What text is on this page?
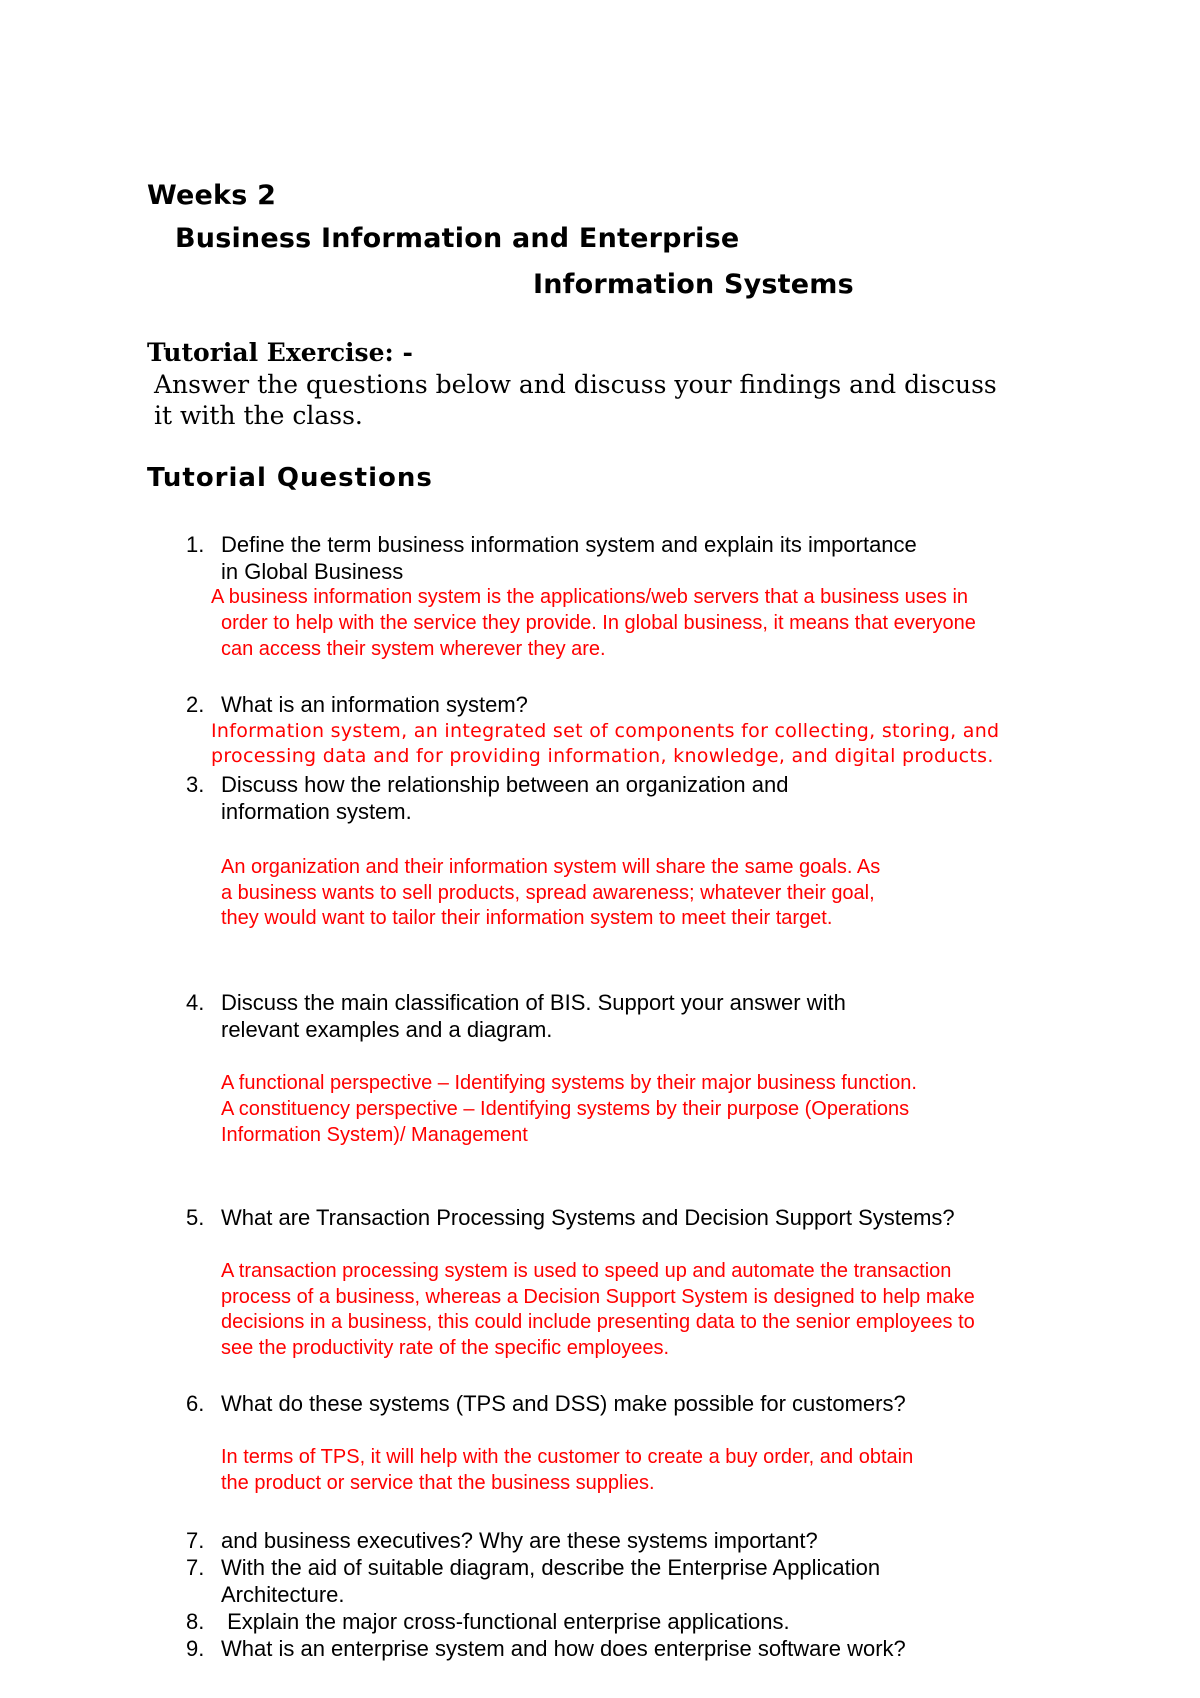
Weeks 2
Business Information and Enterprise
Information Systems
Tutorial Exercise: -
Answer the questions below and discuss your findings and discuss
it with the class.
Tutorial Questions
1. Define the term business information system and explain its importance
in Global Business
A business information system is the applications/web servers that a business uses in
order to help with the service they provide. In global business, it means that everyone
can access their system wherever they are.
2. What is an information system?
Information system, an integrated set of components for collecting, storing, and
processing data and for providing information, knowledge, and digital products.
3. Discuss how the relationship between an organization and
information system.
An organization and their information system will share the same goals. As
a business wants to sell products, spread awareness; whatever their goal,
they would want to tailor their information system to meet their target.
4. Discuss the main classification of BIS. Support your answer with
relevant examples and a diagram.
A functional perspective – Identifying systems by their major business function.
A constituency perspective – Identifying systems by their purpose (Operations
Information System)/ Management
5. What are Transaction Processing Systems and Decision Support Systems?
A transaction processing system is used to speed up and automate the transaction
process of a business, whereas a Decision Support System is designed to help make
decisions in a business, this could include presenting data to the senior employees to
see the productivity rate of the specific employees.
6. What do these systems (TPS and DSS) make possible for customers?
In terms of TPS, it will help with the customer to create a buy order, and obtain
the product or service that the business supplies.
7. and business executives? Why are these systems important?
7. With the aid of suitable diagram, describe the Enterprise Application
Architecture.
8. Explain the major cross-functional enterprise applications.
9. What is an enterprise system and how does enterprise software work?
